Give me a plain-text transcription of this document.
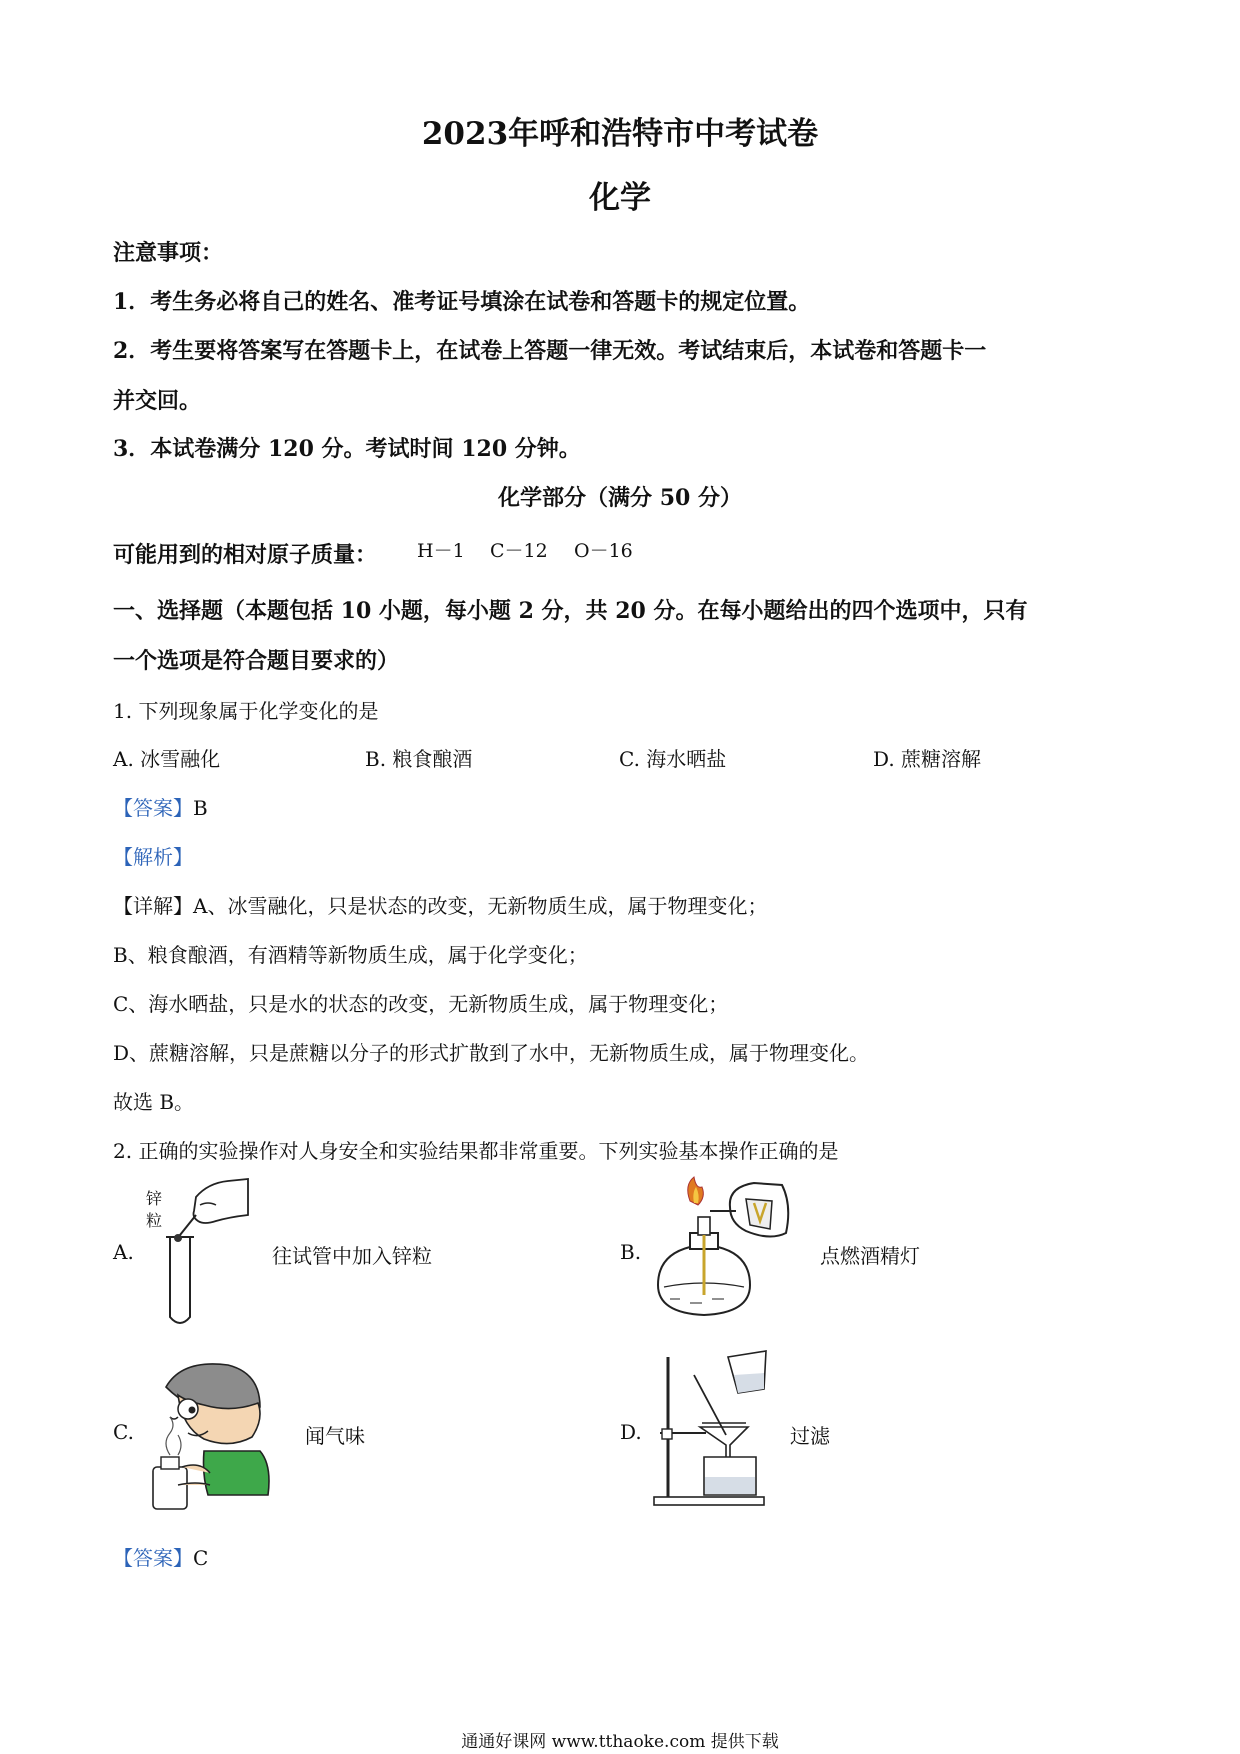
2023年呼和浩特市中考试卷
化学
注意事项：
1．考生务必将自己的姓名、准考证号填涂在试卷和答题卡的规定位置。
2．考生要将答案写在答题卡上，在试卷上答题一律无效。考试结束后，本试卷和答题卡一
并交回。
3．本试卷满分 120 分。考试时间 120 分钟。
化学部分（满分 50 分）
可能用到的相对原子质量： H－1 C－12 O－16
一、选择题（本题包括 10 小题，每小题 2 分，共 20 分。在每小题给出的四个选项中，只有
一个选项是符合题目要求的）
1. 下列现象属于化学变化的是
A. 冰雪融化	B. 粮食酿酒	C. 海水晒盐	D. 蔗糖溶解
【答案】B
【解析】
【详解】A、冰雪融化，只是状态的改变，无新物质生成，属于物理变化；
B、粮食酿酒，有酒精等新物质生成，属于化学变化；
C、海水晒盐，只是水的状态的改变，无新物质生成，属于物理变化；
D、蔗糖溶解，只是蔗糖以分子的形式扩散到了水中，无新物质生成，属于物理变化。
故选 B。
2. 正确的实验操作对人身安全和实验结果都非常重要。下列实验基本操作正确的是
A.
锌粒
往试管中加入锌粒	B.	点燃酒精灯
C.	闻气味	D.	过滤
【答案】C
通通好课网 www.tthaoke.com 提供下载
